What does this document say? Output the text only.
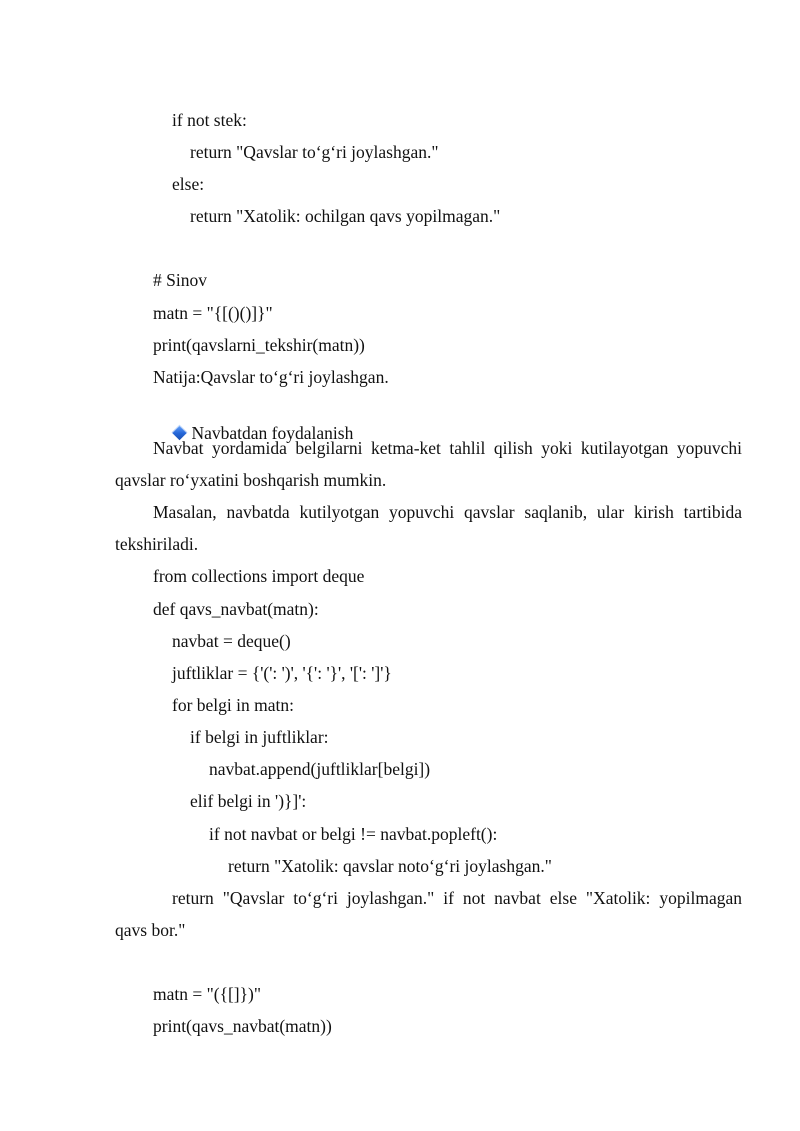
if not stek:
return "Qavslar to‘g‘ri joylashgan."
else:
return "Xatolik: ochilgan qavs yopilmagan."
# Sinov
matn = "{[()()]}"
print(qavslarni_tekshir(matn))
Natija:Qavslar to‘g‘ri joylashgan.

Navbatdan foydalanish

Navbat yordamida belgilarni ketma-ket tahlil qilish yoki kutilayotgan yopuvchi
qavslar ro‘yxatini boshqarish mumkin.
Masalan, navbatda kutilyotgan yopuvchi qavslar saqlanib, ular kirish tartibida
tekshiriladi.
from collections import deque
def qavs_navbat(matn):
navbat = deque()
juftliklar = {'(': ')', '{': '}', '[': ']'}
for belgi in matn:
if belgi in juftliklar:
navbat.append(juftliklar[belgi])
elif belgi in ')}]':
if not navbat or belgi != navbat.popleft():
return "Xatolik: qavslar noto‘g‘ri joylashgan."
return "Qavslar to‘g‘ri joylashgan." if not navbat else "Xatolik: yopilmagan
qavs bor."
matn = "({[]})"
print(qavs_navbat(matn))
